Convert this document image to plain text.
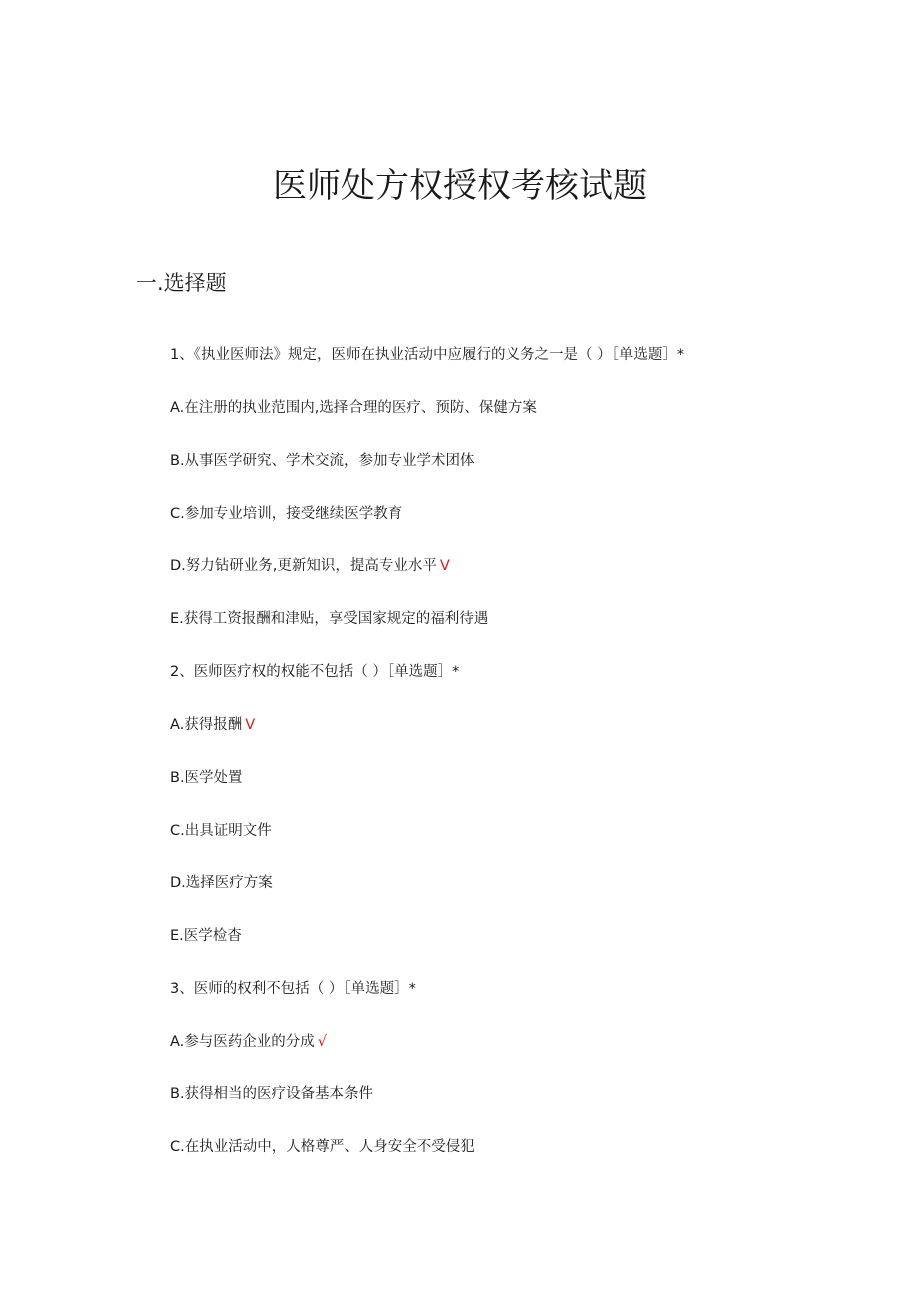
医师处方权授权考核试题
一.选择题
1、《执业医师法》规定，医师在执业活动中应履行的义务之一是（ ）［单选题］*
A.在注册的执业范围内,选择合理的医疗、预防、保健方案
B.从事医学研究、学术交流，参加专业学术团体
C.参加专业培训，接受继续医学教育
D.努力钻研业务,更新知识，提高专业水平 V
E.获得工资报酬和津贴，享受国家规定的福利待遇
2、医师医疗权的权能不包括（ ）［单选题］*
A.获得报酬 V
B.医学处置
C.出具证明文件
D.选择医疗方案
E.医学检杳
3、医师的权利不包括（ ）［单选题］*
A.参与医药企业的分成 √
B.获得相当的医疗设备基本条件
C.在执业活动中，人格尊严、人身安全不受侵犯
